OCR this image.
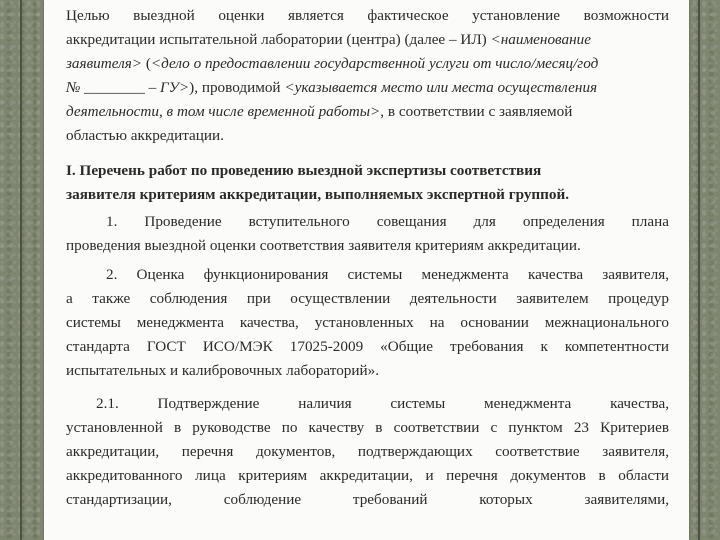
Целью выездной оценки является фактическое установление возможности
аккредитации испытательной лаборатории (центра) (далее – ИЛ) <наименование
заявителя> (<дело о предоставлении государственной услуги от число/месяц/год
№ ________ – ГУ>), проводимой <указывается место или места осуществления
деятельности, в том числе временной работы>, в соответствии с заявляемой
областью аккредитации.
I. Перечень работ по проведению выездной экспертизы соответствия
заявителя критериям аккредитации, выполняемых экспертной группой.
1. Проведение вступительного совещания для определения плана
проведения выездной оценки соответствия заявителя критериям аккредитации.
2. Оценка функционирования системы менеджмента качества заявителя,
а также соблюдения при осуществлении деятельности заявителем процедур
системы менеджмента качества, установленных на основании межнационального
стандарта ГОСТ ИСО/МЭК 17025-2009 «Общие требования к компетентности
испытательных и калибровочных лабораторий».
2.1. Подтверждение наличия системы менеджмента качества,
установленной в руководстве по качеству в соответствии с пунктом 23 Критериев
аккредитации, перечня документов, подтверждающих соответствие заявителя,
аккредитованного лица критериям аккредитации, и перечня документов в области
стандартизации, соблюдение требований которых заявителями,
